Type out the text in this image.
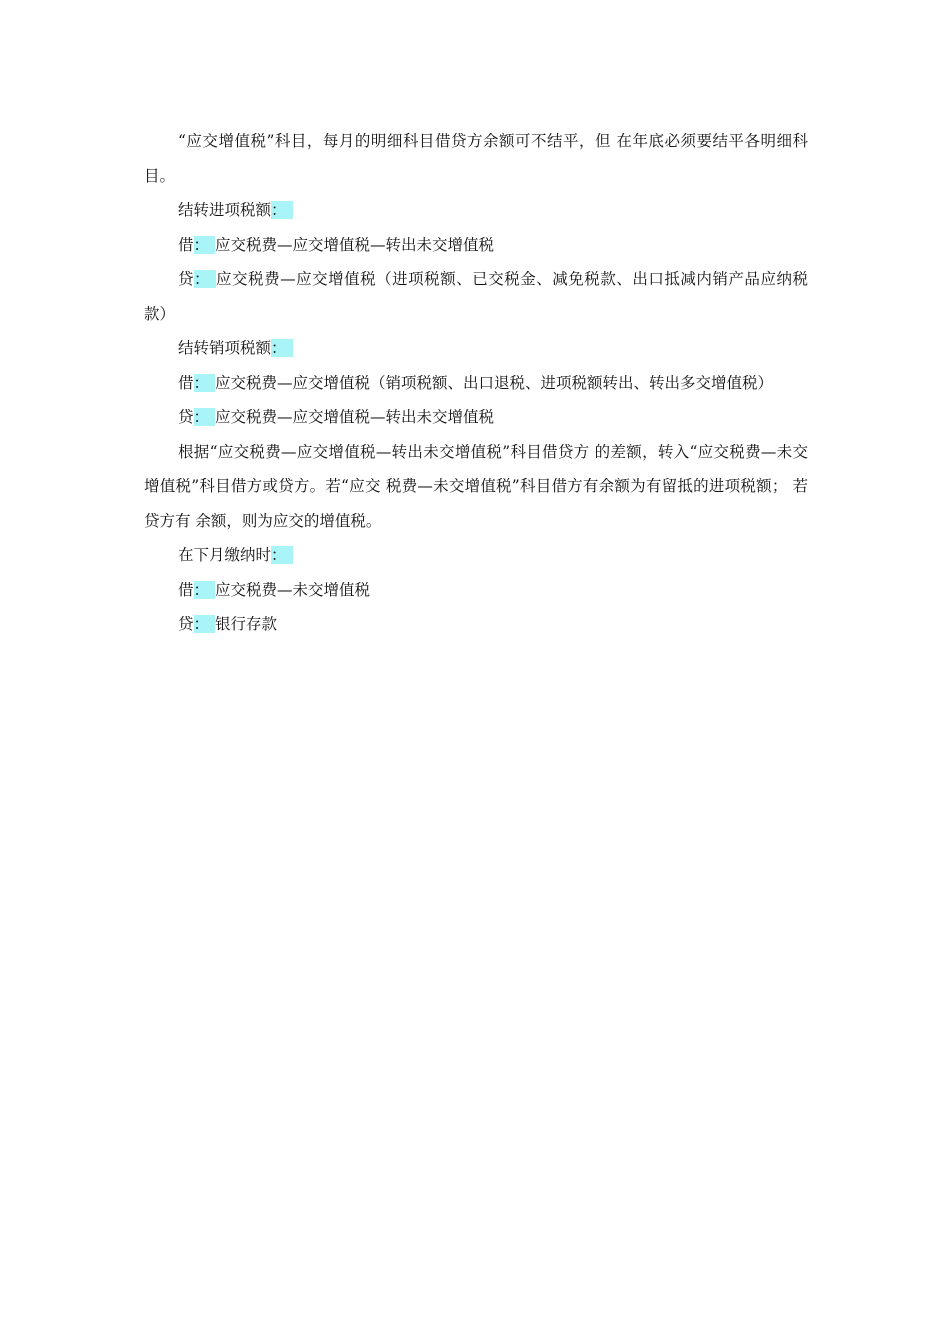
“应交增值税”科目，每月的明细科目借贷方余额可不结平，但 在年底必须要结平各明细科目。

结转进项税额：

借： 应交税费—应交增值税—转出未交增值税

贷： 应交税费—应交增值税（进项税额、已交税金、减免税款、出口抵减内销产品应纳税款）

结转销项税额：

借： 应交税费—应交增值税（销项税额、出口退税、进项税额转出、转出多交增值税）

贷： 应交税费—应交增值税—转出未交增值税

根据“应交税费—应交增值税—转出未交增值税”科目借贷方 的差额，转入“应交税费—未交增值税”科目借方或贷方。若“应交 税费—未交增值税”科目借方有余额为有留抵的进项税额； 若贷方有 余额，则为应交的增值税。

在下月缴纳时：

借： 应交税费—未交增值税

贷： 银行存款
